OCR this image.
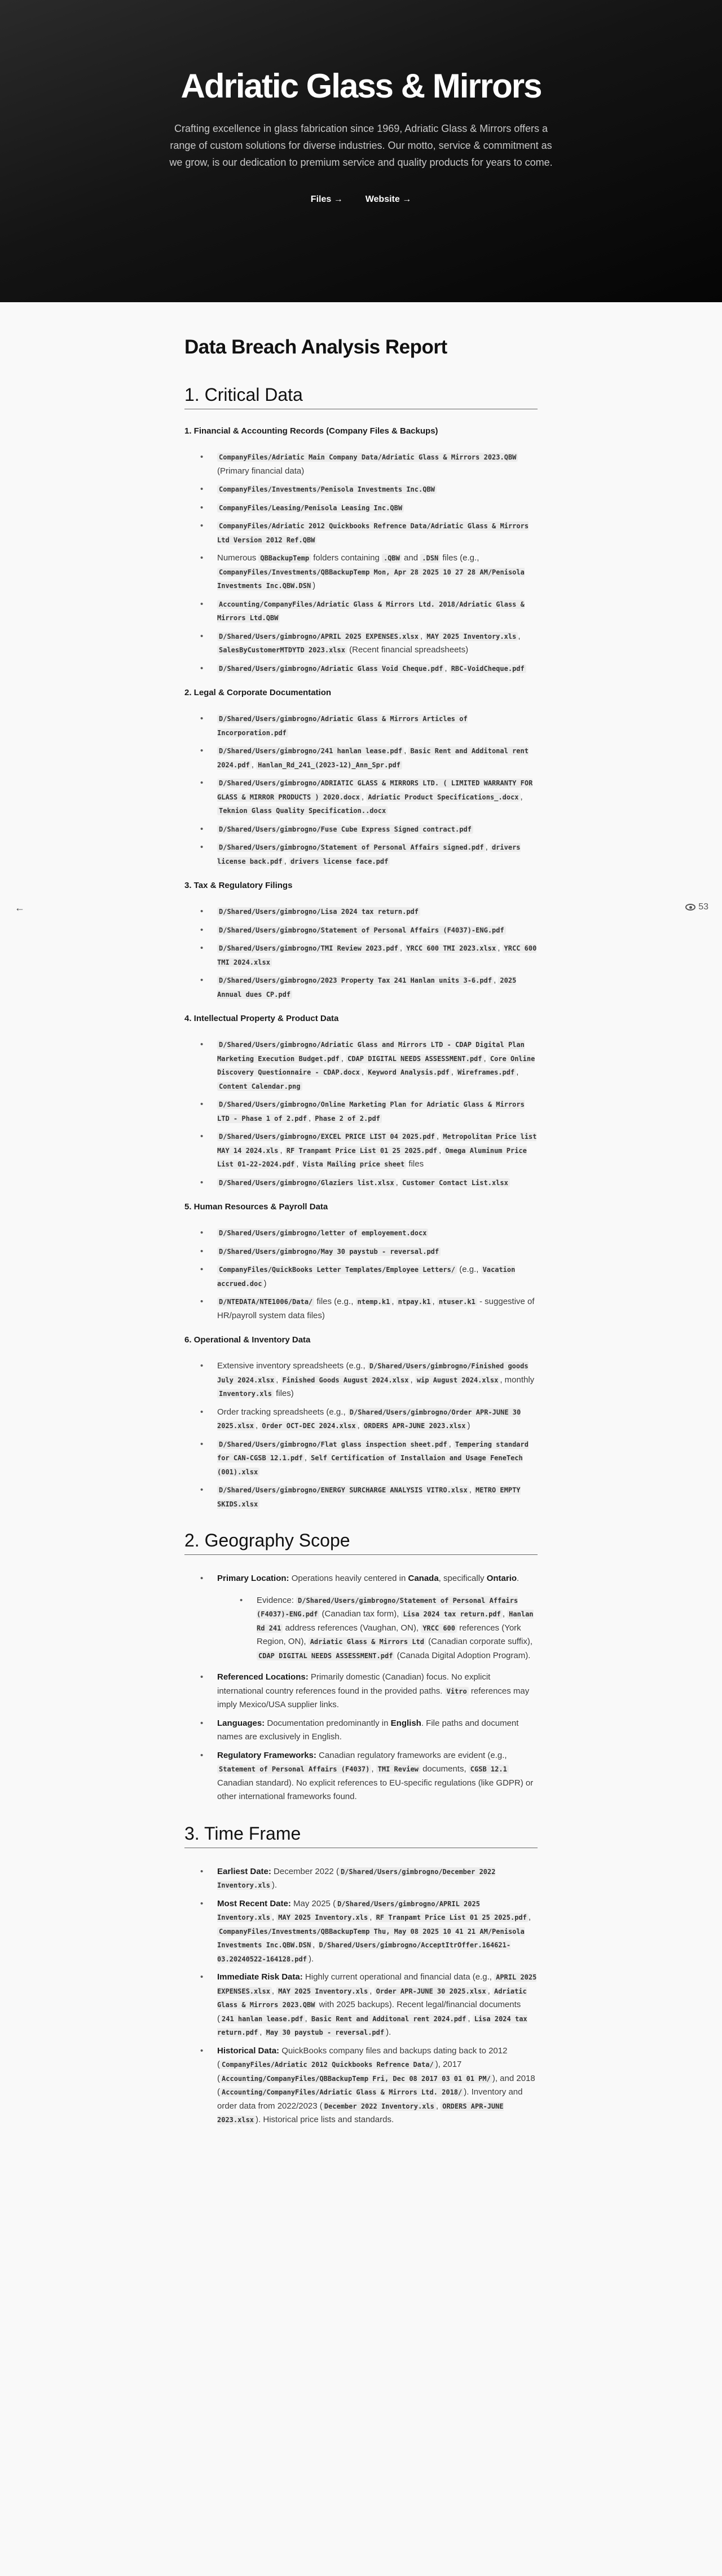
Adriatic Glass & Mirrors

Crafting excellence in glass fabrication since 1969, Adriatic Glass & Mirrors offers a range of custom solutions for diverse industries. Our motto, service & commitment as we grow, is our dedication to premium service and quality products for years to come.

Files →	Website →
←	53
Data Breach Analysis Report
1. Critical Data
1. Financial & Accounting Records (Company Files & Backups)
• CompanyFiles/Adriatic Main Company Data/Adriatic Glass & Mirrors 2023.QBW (Primary financial data)
• CompanyFiles/Investments/Penisola Investments Inc.QBW
• CompanyFiles/Leasing/Penisola Leasing Inc.QBW
• CompanyFiles/Adriatic 2012 Quickbooks Refrence Data/Adriatic Glass & Mirrors Ltd Version 2012 Ref.QBW
• Numerous QBBackupTemp folders containing .QBW and .DSN files (e.g., CompanyFiles/Investments/QBBackupTemp Mon, Apr 28 2025 10 27 28 AM/Penisola Investments Inc.QBW.DSN )
• Accounting/CompanyFiles/Adriatic Glass & Mirrors Ltd. 2018/Adriatic Glass & Mirrors Ltd.QBW
• D/Shared/Users/gimbrogno/APRIL 2025 EXPENSES.xlsx , MAY 2025 Inventory.xls , SalesByCustomerMTDYTD 2023.xlsx (Recent financial spreadsheets)
• D/Shared/Users/gimbrogno/Adriatic Glass Void Cheque.pdf , RBC-VoidCheque.pdf
2. Legal & Corporate Documentation
• D/Shared/Users/gimbrogno/Adriatic Glass & Mirrors Articles of Incorporation.pdf
• D/Shared/Users/gimbrogno/241 hanlan lease.pdf , Basic Rent and Additonal rent 2024.pdf , Hanlan_Rd_241_(2023-12)_Ann_Spr.pdf
• D/Shared/Users/gimbrogno/ADRIATIC GLASS & MIRRORS LTD. ( LIMITED WARRANTY FOR GLASS & MIRROR PRODUCTS ) 2020.docx , Adriatic Product Specifications_.docx , Teknion Glass Quality Specification..docx
• D/Shared/Users/gimbrogno/Fuse Cube Express Signed contract.pdf
• D/Shared/Users/gimbrogno/Statement of Personal Affairs signed.pdf , drivers license back.pdf , drivers license face.pdf
3. Tax & Regulatory Filings
• D/Shared/Users/gimbrogno/Lisa 2024 tax return.pdf
• D/Shared/Users/gimbrogno/Statement of Personal Affairs (F4037)-ENG.pdf
• D/Shared/Users/gimbrogno/TMI Review 2023.pdf , YRCC 600 TMI 2023.xlsx , YRCC 600 TMI 2024.xlsx
• D/Shared/Users/gimbrogno/2023 Property Tax 241 Hanlan units 3-6.pdf , 2025 Annual dues CP.pdf
4. Intellectual Property & Product Data
• D/Shared/Users/gimbrogno/Adriatic Glass and Mirrors LTD - CDAP Digital Plan Marketing Execution Budget.pdf , CDAP DIGITAL NEEDS ASSESSMENT.pdf , Core Online Discovery Questionnaire - CDAP.docx , Keyword Analysis.pdf , Wireframes.pdf , Content Calendar.png
• D/Shared/Users/gimbrogno/Online Marketing Plan for Adriatic Glass & Mirrors LTD - Phase 1 of 2.pdf , Phase 2 of 2.pdf
• D/Shared/Users/gimbrogno/EXCEL PRICE LIST 04 2025.pdf , Metropolitan Price list MAY 14 2024.xls , RF Tranpamt Price List 01 25 2025.pdf , Omega Aluminum Price List 01-22-2024.pdf , Vista Mailing price sheet files
• D/Shared/Users/gimbrogno/Glaziers list.xlsx , Customer Contact List.xlsx
5. Human Resources & Payroll Data
• D/Shared/Users/gimbrogno/letter of employement.docx
• D/Shared/Users/gimbrogno/May 30 paystub - reversal.pdf
• CompanyFiles/QuickBooks Letter Templates/Employee Letters/ (e.g., Vacation accrued.doc )
• D/NTEDATA/NTE1006/Data/ files (e.g., ntemp.k1 , ntpay.k1 , ntuser.k1 - suggestive of HR/payroll system data files)
6. Operational & Inventory Data
• Extensive inventory spreadsheets (e.g., D/Shared/Users/gimbrogno/Finished goods July 2024.xlsx , Finished Goods August 2024.xlsx , wip August 2024.xlsx , monthly Inventory.xls files)
• Order tracking spreadsheets (e.g., D/Shared/Users/gimbrogno/Order APR-JUNE 30 2025.xlsx , Order OCT-DEC 2024.xlsx , ORDERS APR-JUNE 2023.xlsx )
• D/Shared/Users/gimbrogno/Flat glass inspection sheet.pdf , Tempering standard for CAN-CGSB 12.1.pdf , Self Certification of Installaion and Usage FeneTech (001).xlsx
• D/Shared/Users/gimbrogno/ENERGY SURCHARGE ANALYSIS VITRO.xlsx , METRO EMPTY SKIDS.xlsx
2. Geography Scope
• Primary Location: Operations heavily centered in Canada, specifically Ontario.
• Evidence: D/Shared/Users/gimbrogno/Statement of Personal Affairs (F4037)-ENG.pdf (Canadian tax form), Lisa 2024 tax return.pdf , Hanlan Rd 241 address references (Vaughan, ON), YRCC 600 references (York Region, ON), Adriatic Glass & Mirrors Ltd (Canadian corporate suffix), CDAP DIGITAL NEEDS ASSESSMENT.pdf (Canada Digital Adoption Program).
• Referenced Locations: Primarily domestic (Canadian) focus. No explicit international country references found in the provided paths. Vitro references may imply Mexico/USA supplier links.
• Languages: Documentation predominantly in English. File paths and document names are exclusively in English.
• Regulatory Frameworks: Canadian regulatory frameworks are evident (e.g., Statement of Personal Affairs (F4037) , TMI Review documents, CGSB 12.1 Canadian standard). No explicit references to EU-specific regulations (like GDPR) or other international frameworks found.
3. Time Frame
• Earliest Date: December 2022 ( D/Shared/Users/gimbrogno/December 2022 Inventory.xls ).
• Most Recent Date: May 2025 ( D/Shared/Users/gimbrogno/APRIL 2025 Inventory.xls , MAY 2025 Inventory.xls , RF Tranpamt Price List 01 25 2025.pdf , CompanyFiles/Investments/QBBackupTemp Thu, May 08 2025 10 41 21 AM/Penisola Investments Inc.QBW.DSN , D/Shared/Users/gimbrogno/AcceptItrOffer.164621-03.20240522-164128.pdf ).
• Immediate Risk Data: Highly current operational and financial data (e.g., APRIL 2025 EXPENSES.xlsx , MAY 2025 Inventory.xls , Order APR-JUNE 30 2025.xlsx , Adriatic Glass & Mirrors 2023.QBW with 2025 backups). Recent legal/financial documents ( 241 hanlan lease.pdf , Basic Rent and Additonal rent 2024.pdf , Lisa 2024 tax return.pdf , May 30 paystub - reversal.pdf ).
• Historical Data: QuickBooks company files and backups dating back to 2012 ( CompanyFiles/Adriatic 2012 Quickbooks Refrence Data/ ), 2017 ( Accounting/CompanyFiles/QBBackupTemp Fri, Dec 08 2017 03 01 01 PM/ ), and 2018 ( Accounting/CompanyFiles/Adriatic Glass & Mirrors Ltd. 2018/ ). Inventory and order data from 2022/2023 ( December 2022 Inventory.xls , ORDERS APR-JUNE 2023.xlsx ). Historical price lists and standards.
